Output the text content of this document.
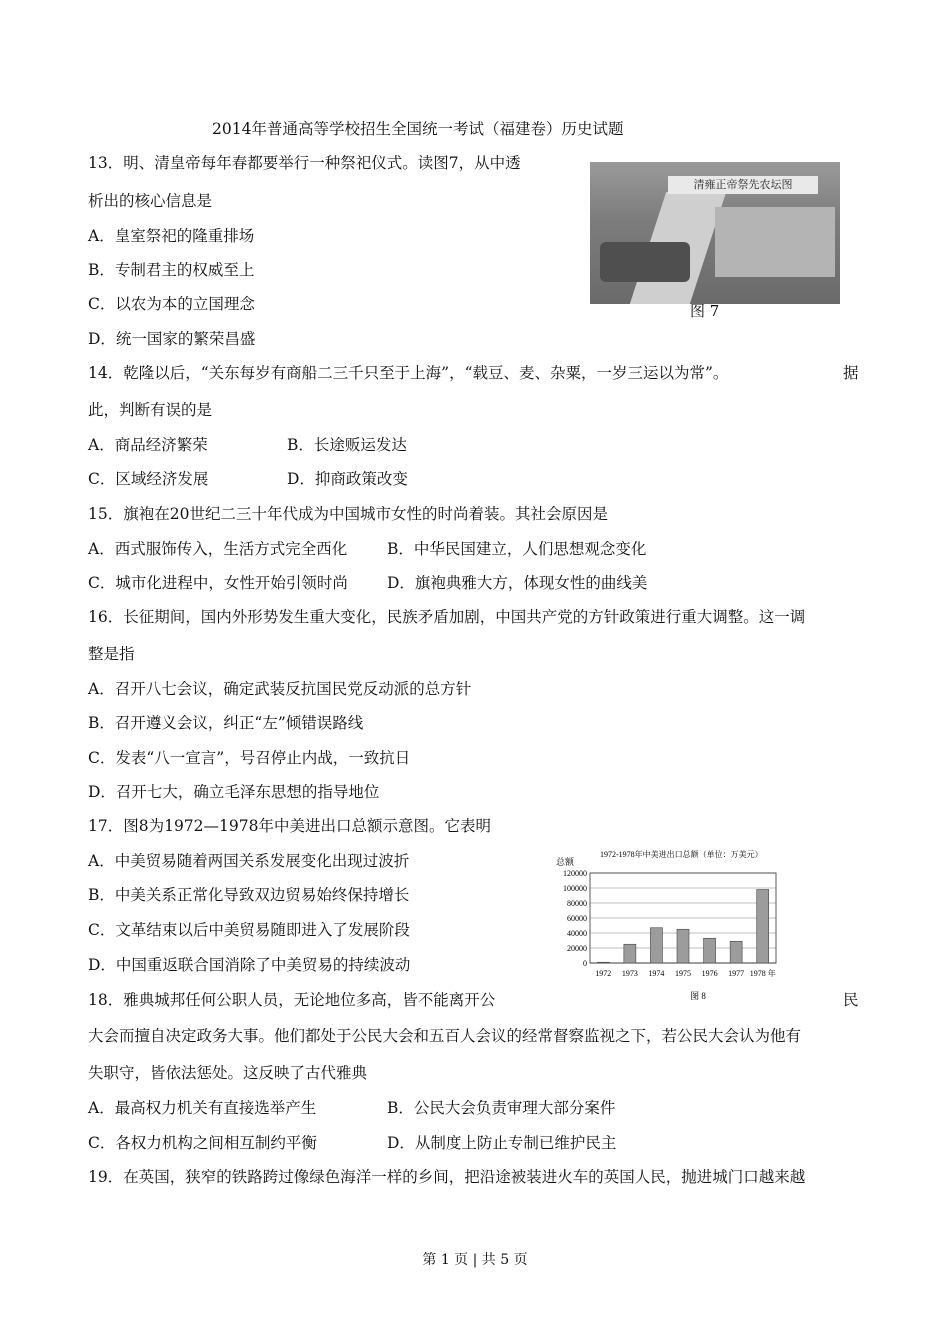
2014年普通高等学校招生全国统一考试（福建卷）历史试题
13．明、清皇帝每年春都要举行一种祭祀仪式。读图7，从中透
析出的核心信息是
A．皇室祭祀的隆重排场
B．专制君主的权威至上
C．以农为本的立国理念
D．统一国家的繁荣昌盛
14．乾隆以后，“关东每岁有商船二三千只至于上海”，“载豆、麦、杂粟，一岁三运以为常”。	据
此，判断有误的是
A．商品经济繁荣	B．长途贩运发达
C．区域经济发展	D．抑商政策改变
15．旗袍在20世纪二三十年代成为中国城市女性的时尚着装。其社会原因是
A．西式服饰传入，生活方式完全西化	B．中华民国建立，人们思想观念变化
C．城市化进程中，女性开始引领时尚	D．旗袍典雅大方，体现女性的曲线美
16．长征期间，国内外形势发生重大变化，民族矛盾加剧，中国共产党的方针政策进行重大调整。这一调
整是指
A．召开八七会议，确定武装反抗国民党反动派的总方针
B．召开遵义会议，纠正“左”倾错误路线
C．发表“八一宣言”，号召停止内战，一致抗日
D．召开七大，确立毛泽东思想的指导地位
17．图8为1972—1978年中美进出口总额示意图。它表明
A．中美贸易随着两国关系发展变化出现过波折
B．中美关系正常化导致双边贸易始终保持增长
C．文革结束以后中美贸易随即进入了发展阶段
D．中国重返联合国消除了中美贸易的持续波动
18．雅典城邦任何公职人员，无论地位多高，皆不能离开公	民
大会而擅自决定政务大事。他们都处于公民大会和五百人会议的经常督察监视之下，若公民大会认为他有
失职守，皆依法惩处。这反映了古代雅典
A．最高权力机关有直接选举产生	B．公民大会负责审理大部分案件
C．各权力机构之间相互制约平衡	D．从制度上防止专制已维护民主
19．在英国，狭窄的铁路跨过像绿色海洋一样的乡间，把沿途被装进火车的英国人民，抛进城门口越来越
清雍正帝祭先农坛图
图 7
1972-1978年中美进出口总额（单位：万美元）
总额
1972 1973 1974 1975 1976 1977 1978 年
0
20000
40000
60000
80000
100000
120000
图 8
第 1 页 | 共 5 页
